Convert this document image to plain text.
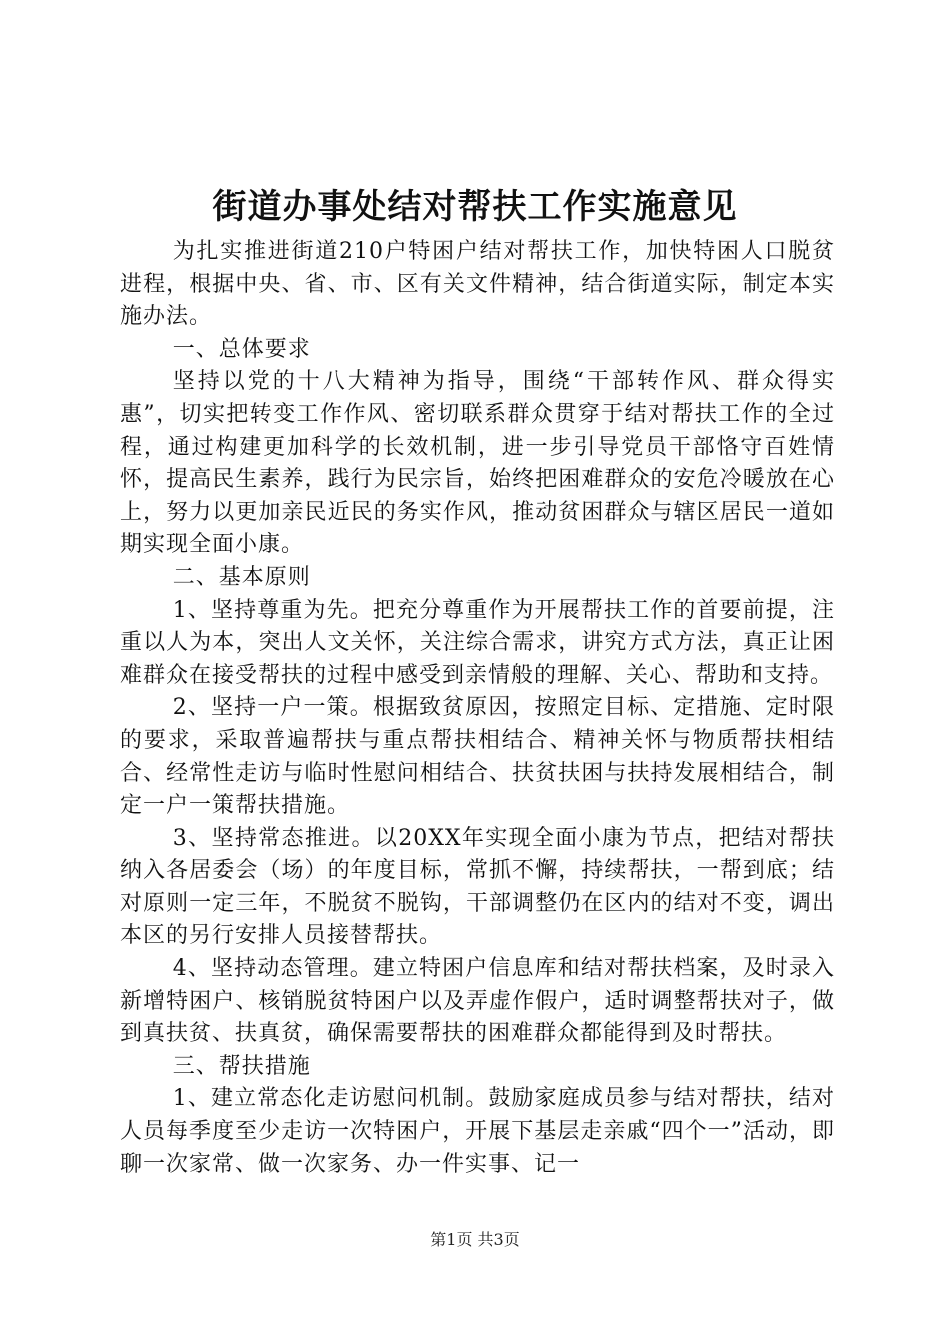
街道办事处结对帮扶工作实施意见

为扎实推进街道210户特困户结对帮扶工作，加快特困人口脱贫进程，根据中央、省、市、区有关文件精神，结合街道实际，制定本实施办法。

一、总体要求

坚持以党的十八大精神为指导，围绕“干部转作风、群众得实惠”，切实把转变工作作风、密切联系群众贯穿于结对帮扶工作的全过程，通过构建更加科学的长效机制，进一步引导党员干部恪守百姓情怀，提高民生素养，践行为民宗旨，始终把困难群众的安危冷暖放在心上，努力以更加亲民近民的务实作风，推动贫困群众与辖区居民一道如期实现全面小康。

二、基本原则

1、坚持尊重为先。把充分尊重作为开展帮扶工作的首要前提，注重以人为本，突出人文关怀，关注综合需求，讲究方式方法，真正让困难群众在接受帮扶的过程中感受到亲情般的理解、关心、帮助和支持。

2、坚持一户一策。根据致贫原因，按照定目标、定措施、定时限的要求，采取普遍帮扶与重点帮扶相结合、精神关怀与物质帮扶相结合、经常性走访与临时性慰问相结合、扶贫扶困与扶持发展相结合，制定一户一策帮扶措施。

3、坚持常态推进。以20XX年实现全面小康为节点，把结对帮扶纳入各居委会（场）的年度目标，常抓不懈，持续帮扶，一帮到底；结对原则一定三年，不脱贫不脱钩，干部调整仍在区内的结对不变，调出本区的另行安排人员接替帮扶。

4、坚持动态管理。建立特困户信息库和结对帮扶档案，及时录入新增特困户、核销脱贫特困户以及弄虚作假户，适时调整帮扶对子，做到真扶贫、扶真贫，确保需要帮扶的困难群众都能得到及时帮扶。

三、帮扶措施

1、建立常态化走访慰问机制。鼓励家庭成员参与结对帮扶，结对人员每季度至少走访一次特困户，开展下基层走亲戚“四个一”活动，即聊一次家常、做一次家务、办一件实事、记一

第1页 共3页
